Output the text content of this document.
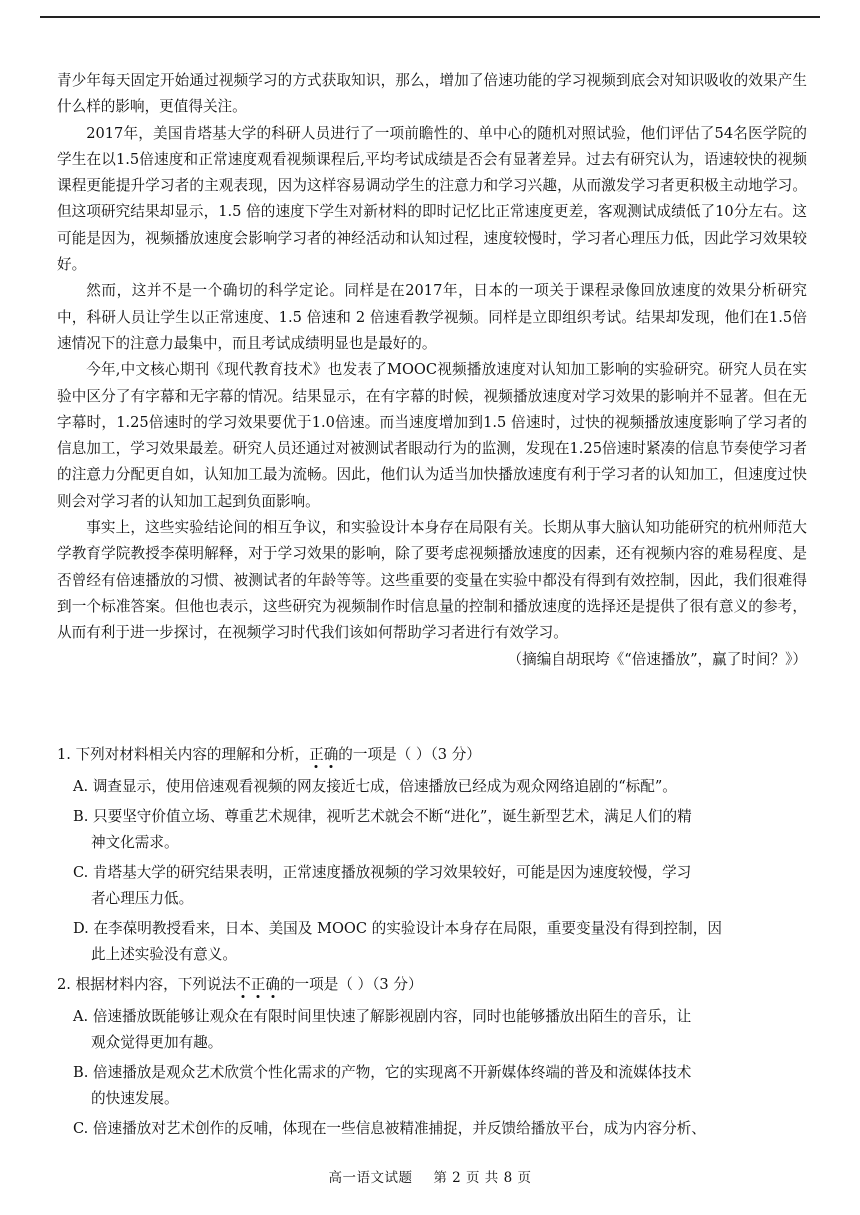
青少年每天固定开始通过视频学习的方式获取知识，那么，增加了倍速功能的学习视频到底会对知识吸收的效果产生什么样的影响，更值得关注。

2017年，美国肯塔基大学的科研人员进行了一项前瞻性的、单中心的随机对照试验，他们评估了54名医学院的学生在以1.5倍速度和正常速度观看视频课程后,平均考试成绩是否会有显著差异。过去有研究认为，语速较快的视频课程更能提升学习者的主观表现，因为这样容易调动学生的注意力和学习兴趣，从而激发学习者更积极主动地学习。但这项研究结果却显示，1.5 倍的速度下学生对新材料的即时记忆比正常速度更差，客观测试成绩低了10分左右。这可能是因为，视频播放速度会影响学习者的神经活动和认知过程，速度较慢时，学习者心理压力低，因此学习效果较好。

然而，这并不是一个确切的科学定论。同样是在2017年，日本的一项关于课程录像回放速度的效果分析研究中，科研人员让学生以正常速度、1.5 倍速和 2 倍速看教学视频。同样是立即组织考试。结果却发现，他们在1.5倍速情况下的注意力最集中，而且考试成绩明显也是最好的。

今年,中文核心期刊《现代教育技术》也发表了MOOC视频播放速度对认知加工影响的实验研究。研究人员在实验中区分了有字幕和无字幕的情况。结果显示，在有字幕的时候，视频播放速度对学习效果的影响并不显著。但在无字幕时，1.25倍速时的学习效果要优于1.0倍速。而当速度增加到1.5 倍速时，过快的视频播放速度影响了学习者的信息加工，学习效果最差。研究人员还通过对被测试者眼动行为的监测，发现在1.25倍速时紧凑的信息节奏使学习者的注意力分配更自如，认知加工最为流畅。因此，他们认为适当加快播放速度有利于学习者的认知加工，但速度过快则会对学习者的认知加工起到负面影响。

事实上，这些实验结论间的相互争议，和实验设计本身存在局限有关。长期从事大脑认知功能研究的杭州师范大学教育学院教授李葆明解释，对于学习效果的影响，除了要考虑视频播放速度的因素，还有视频内容的难易程度、是否曾经有倍速播放的习惯、被测试者的年龄等等。这些重要的变量在实验中都没有得到有效控制，因此，我们很难得到一个标准答案。但他也表示，这些研究为视频制作时信息量的控制和播放速度的选择还是提供了很有意义的参考，从而有利于进一步探讨，在视频学习时代我们该如何帮助学习者进行有效学习。

（摘编自胡珉垮《“倍速播放”，赢了时间？》）

1. 下列对材料相关内容的理解和分析，正确的一项是（ ）（3 分）

A. 调查显示，使用倍速观看视频的网友接近七成，倍速播放已经成为观众网络追剧的“标配”。

B. 只要坚守价值立场、尊重艺术规律，视听艺术就会不断“进化”，诞生新型艺术，满足人们的精
神文化需求。

C. 肯塔基大学的研究结果表明，正常速度播放视频的学习效果较好，可能是因为速度较慢，学习
者心理压力低。

D. 在李葆明教授看来，日本、美国及 MOOC 的实验设计本身存在局限，重要变量没有得到控制，因
此上述实验没有意义。

2. 根据材料内容，下列说法不正确的一项是（ ）（3 分）

A. 倍速播放既能够让观众在有限时间里快速了解影视剧内容，同时也能够播放出陌生的音乐，让
观众觉得更加有趣。

B. 倍速播放是观众艺术欣赏个性化需求的产物，它的实现离不开新媒体终端的普及和流媒体技术
的快速发展。

C. 倍速播放对艺术创作的反哺，体现在一些信息被精准捕捉，并反馈给播放平台，成为内容分析、

高一语文试题 第 2 页 共 8 页
